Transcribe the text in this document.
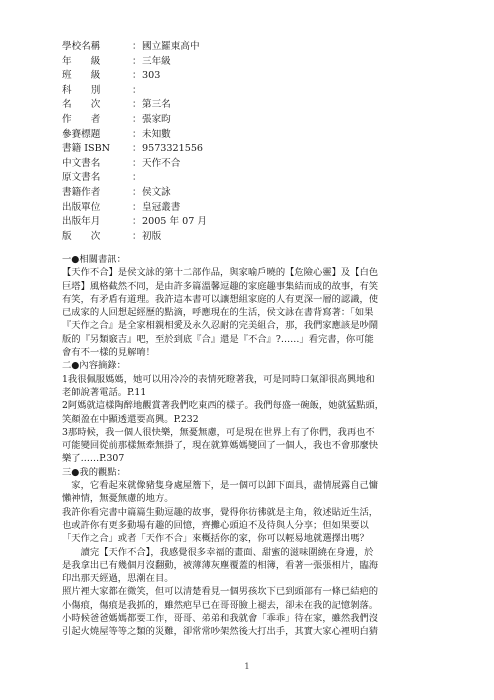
學校名稱	：國立羅東高中
年　　級	：三年級
班　　級	：303
科　　別	：
名　　次	：第三名
作　　者	：張家昀
參賽標題	：未知數
書籍 ISBN ：9573321556
中文書名	：天作不合
原文書名	：
書籍作者	：侯文詠
出版單位	：皇冠叢書
出版年月	：2005 年 07 月
版　　次	：初版
一●相關書訊：
【天作不合】是侯文詠的第十二部作品，與家喻戶曉的【危險心靈】及【白色
巨塔】風格截然不同，是由許多篇溫馨逗趣的家庭趣事集結而成的故事，有笑
有笑，有矛盾有道理。我許這本書可以讓想組家庭的人有更深一層的認識，使
已成家的人回想起經歷的點滴，呼應現在的生活，侯文詠在書背寫著：「如果
『天作之合』是全家相親相愛及永久忍耐的完美組合，那，我們家應該是吵鬧
版的『另類竅吉』吧，至於到底『合』還是『不合』?……」看完書，你可能
會有不一樣的見解唷！
二●內容摘錄：
1我很佩服媽媽，她可以用冷冷的表情死瞪著我，可是同時口氣卻很高興地和
老師說著電話。P.11
2阿媽就這樣陶醉地觀賞著我們吃東西的樣子。我們每盛一碗飯，她就猛點頭，
笑顏盈在中顯透還要高興。P.232
3那時候，我一個人很快樂，無憂無慮，可是現在世界上有了你們，我再也不
可能變回從前那樣無牽無掛了，現在就算媽媽變回了一個人，我也不會那麼快
樂了……P.307
三●我的觀點：
　家，它看起來就像豬隻身處屋簷下，是一個可以卸下面具，盡情展露自己慵
懶神情，無憂無慮的地方。
我許你看完書中篇篇生動逗趣的故事，覺得你彷彿就是主角，敘述貼近生活，
也或許你有更多動場有趣的回憶，齊攤心頭迫不及待與人分享；但如果要以
「天作之合」或者「天作不合」來概括你的家，你可以輕易地就選擇出嗎？
　　讀完【天作不合】，我感覺很多幸福的畫面、甜蜜的滋味圍繞在身邊，於
是我拿出已有幾個月沒翻動，被薄薄灰塵覆蓋的相簿，看著一張張相片，臨海
印出那天經過，思潮在目。
照片裡大家都在微笑，但可以清楚看見一個男孩坎下已到頭部有一條已結疤的
小傷痕，傷痕是我抓的，雖然疤早已在哥哥臉上褪去，卻未在我的記憶剝落。
小時候爸爸媽媽都要工作，哥哥、弟弟和我就會「乖乖」待在家，雖然我們沒
引起火燒屋等等之類的災難，卻常常吵架然後大打出手，其實大家心裡明白猜
1
